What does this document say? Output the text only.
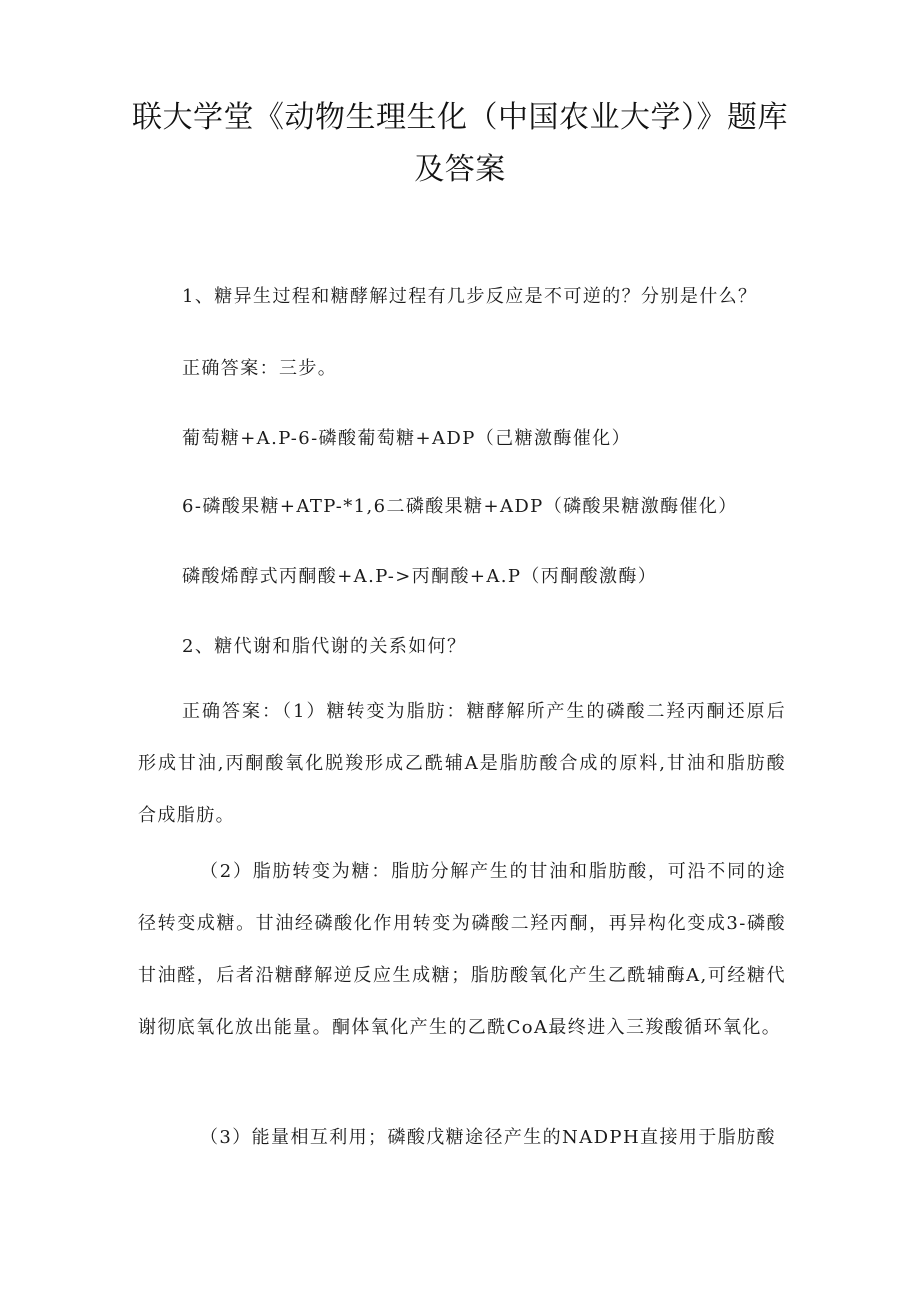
联大学堂《动物生理生化（中国农业大学）》题库及答案
1、糖异生过程和糖酵解过程有几步反应是不可逆的？分别是什么？
正确答案：三步。
葡萄糖+A.P-6-磷酸葡萄糖+ADP（己糖激酶催化）
6-磷酸果糖+ATP-*1,6二磷酸果糖+ADP（磷酸果糖激酶催化）
磷酸烯醇式丙酮酸+A.P->丙酮酸+A.P（丙酮酸激酶）
2、糖代谢和脂代谢的关系如何？
正确答案：（1）糖转变为脂肪：糖酵解所产生的磷酸二羟丙酮还原后形成甘油,丙酮酸氧化脱羧形成乙酰辅A是脂肪酸合成的原料,甘油和脂肪酸合成脂肪。
（2）脂肪转变为糖：脂肪分解产生的甘油和脂肪酸，可沿不同的途径转变成糖。甘油经磷酸化作用转变为磷酸二羟丙酮，再异构化变成3-磷酸甘油醛，后者沿糖酵解逆反应生成糖；脂肪酸氧化产生乙酰辅酶A,可经糖代谢彻底氧化放出能量。酮体氧化产生的乙酰CoA最终进入三羧酸循环氧化。
（3）能量相互利用；磷酸戊糖途径产生的NADPH直接用于脂肪酸
